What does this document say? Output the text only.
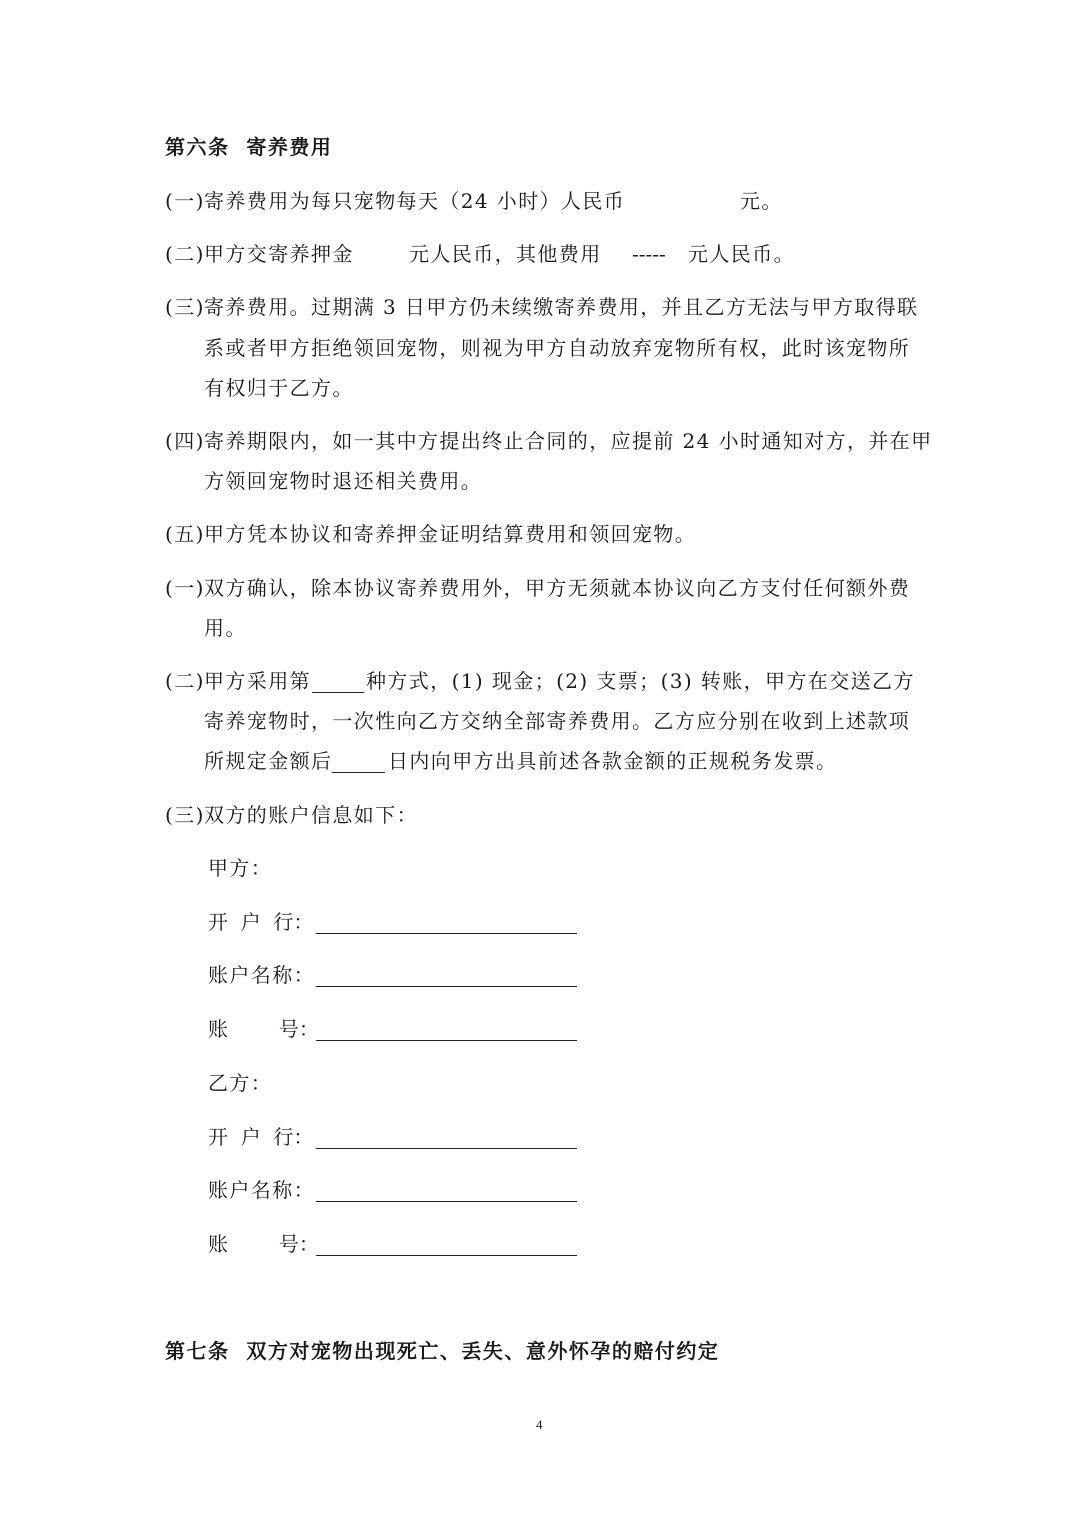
第六条  寄养费用
(一) 寄养费用为每只宠物每天（24 小时）人民币	元。
(二) 甲方交寄养押金	元人民币，其他费用 ----- 元人民币。
(三) 寄养费用。过期满 3 日甲方仍未续缴寄养费用，并且乙方无法与甲方取得联
系或者甲方拒绝领回宠物，则视为甲方自动放弃宠物所有权，此时该宠物所
有权归于乙方。
(四) 寄养期限内，如一其中方提出终止合同的，应提前 24 小时通知对方，并在甲
方领回宠物时退还相关费用。
(五) 甲方凭本协议和寄养押金证明结算费用和领回宠物。
(一) 双方确认，除本协议寄养费用外，甲方无须就本协议向乙方支付任何额外费
用。
(二) 甲方采用第	种方式，(1) 现金；(2) 支票；(3) 转账，甲方在交送乙方
寄养宠物时，一次性向乙方交纳全部寄养费用。乙方应分别在收到上述款项
所规定金额后	日内向甲方出具前述各款金额的正规税务发票。
(三) 双方的账户信息如下：
甲方：
开  户  行：
账户名称：
账        号：
乙方：
开  户  行：
账户名称：
账        号：
第七条  双方对宠物出现死亡、丢失、意外怀孕的赔付约定
4
